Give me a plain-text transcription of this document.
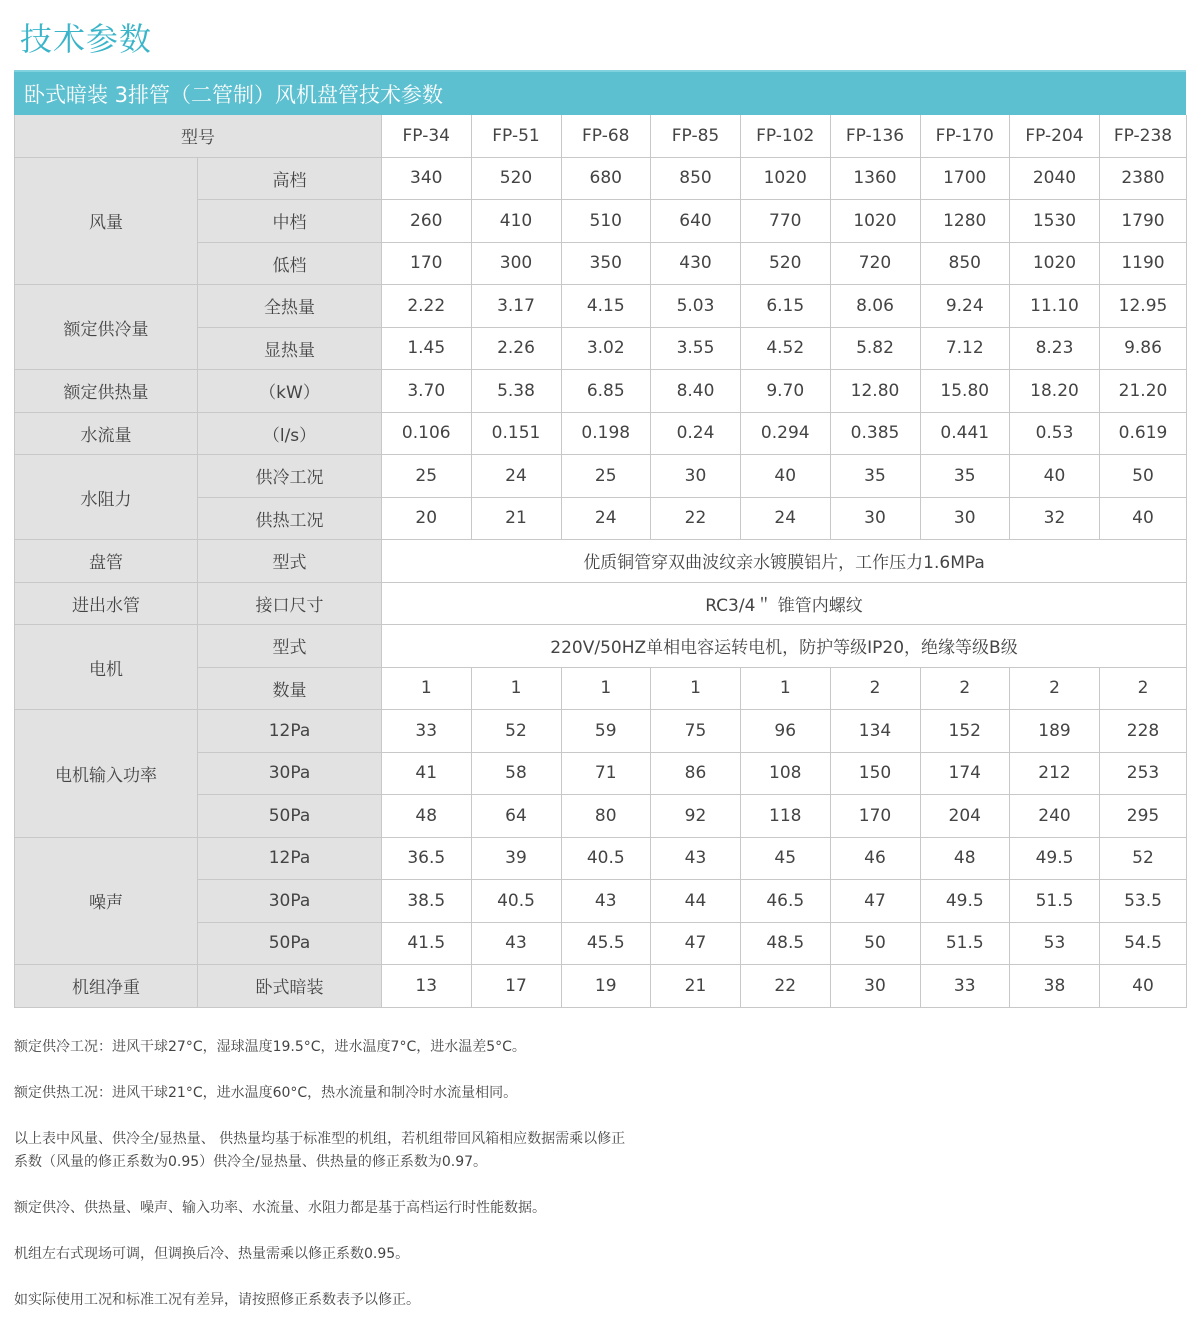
技术参数
卧式暗装 3排管（二管制）风机盘管技术参数
型号		FP-34	FP-51	FP-68	FP-85	FP-102	FP-136	FP-170	FP-204	FP-238
风量	高档	340	520	680	850	1020	1360	1700	2040	2380
	中档	260	410	510	640	770	1020	1280	1530	1790
	低档	170	300	350	430	520	720	850	1020	1190
额定供冷量	全热量	2.22	3.17	4.15	5.03	6.15	8.06	9.24	11.10	12.95
	显热量	1.45	2.26	3.02	3.55	4.52	5.82	7.12	8.23	9.86
额定供热量	（kW）	3.70	5.38	6.85	8.40	9.70	12.80	15.80	18.20	21.20
水流量	（l/s）	0.106	0.151	0.198	0.24	0.294	0.385	0.441	0.53	0.619
水阻力	供冷工况	25	24	25	30	40	35	35	40	50
	供热工况	20	21	24	22	24	30	30	32	40
盘管	型式	优质铜管穿双曲波纹亲水镀膜铝片，工作压力1.6MPa								
进出水管	接口尺寸	RC3/4＂ 锥管内螺纹								
电机	型式	220V/50HZ单相电容运转电机，防护等级IP20，绝缘等级B级								
	数量	1	1	1	1	1	2	2	2	2
电机输入功率	12Pa	33	52	59	75	96	134	152	189	228
	30Pa	41	58	71	86	108	150	174	212	253
	50Pa	48	64	80	92	118	170	204	240	295
噪声	12Pa	36.5	39	40.5	43	45	46	48	49.5	52
	30Pa	38.5	40.5	43	44	46.5	47	49.5	51.5	53.5
	50Pa	41.5	43	45.5	47	48.5	50	51.5	53	54.5
机组净重	卧式暗装	13	17	19	21	22	30	33	38	40

额定供冷工况：进风干球27°C，湿球温度19.5°C，进水温度7°C，进水温差5°C。

额定供热工况：进风干球21°C，进水温度60°C，热水流量和制冷时水流量相同。

以上表中风量、供冷全/显热量、 供热量均基于标准型的机组，若机组带回风箱相应数据需乘以修正
系数（风量的修正系数为0.95）供冷全/显热量、供热量的修正系数为0.97。

额定供冷、供热量、噪声、输入功率、水流量、水阻力都是基于高档运行时性能数据。

机组左右式现场可调，但调换后冷、热量需乘以修正系数0.95。

如实际使用工况和标准工况有差异，请按照修正系数表予以修正。
